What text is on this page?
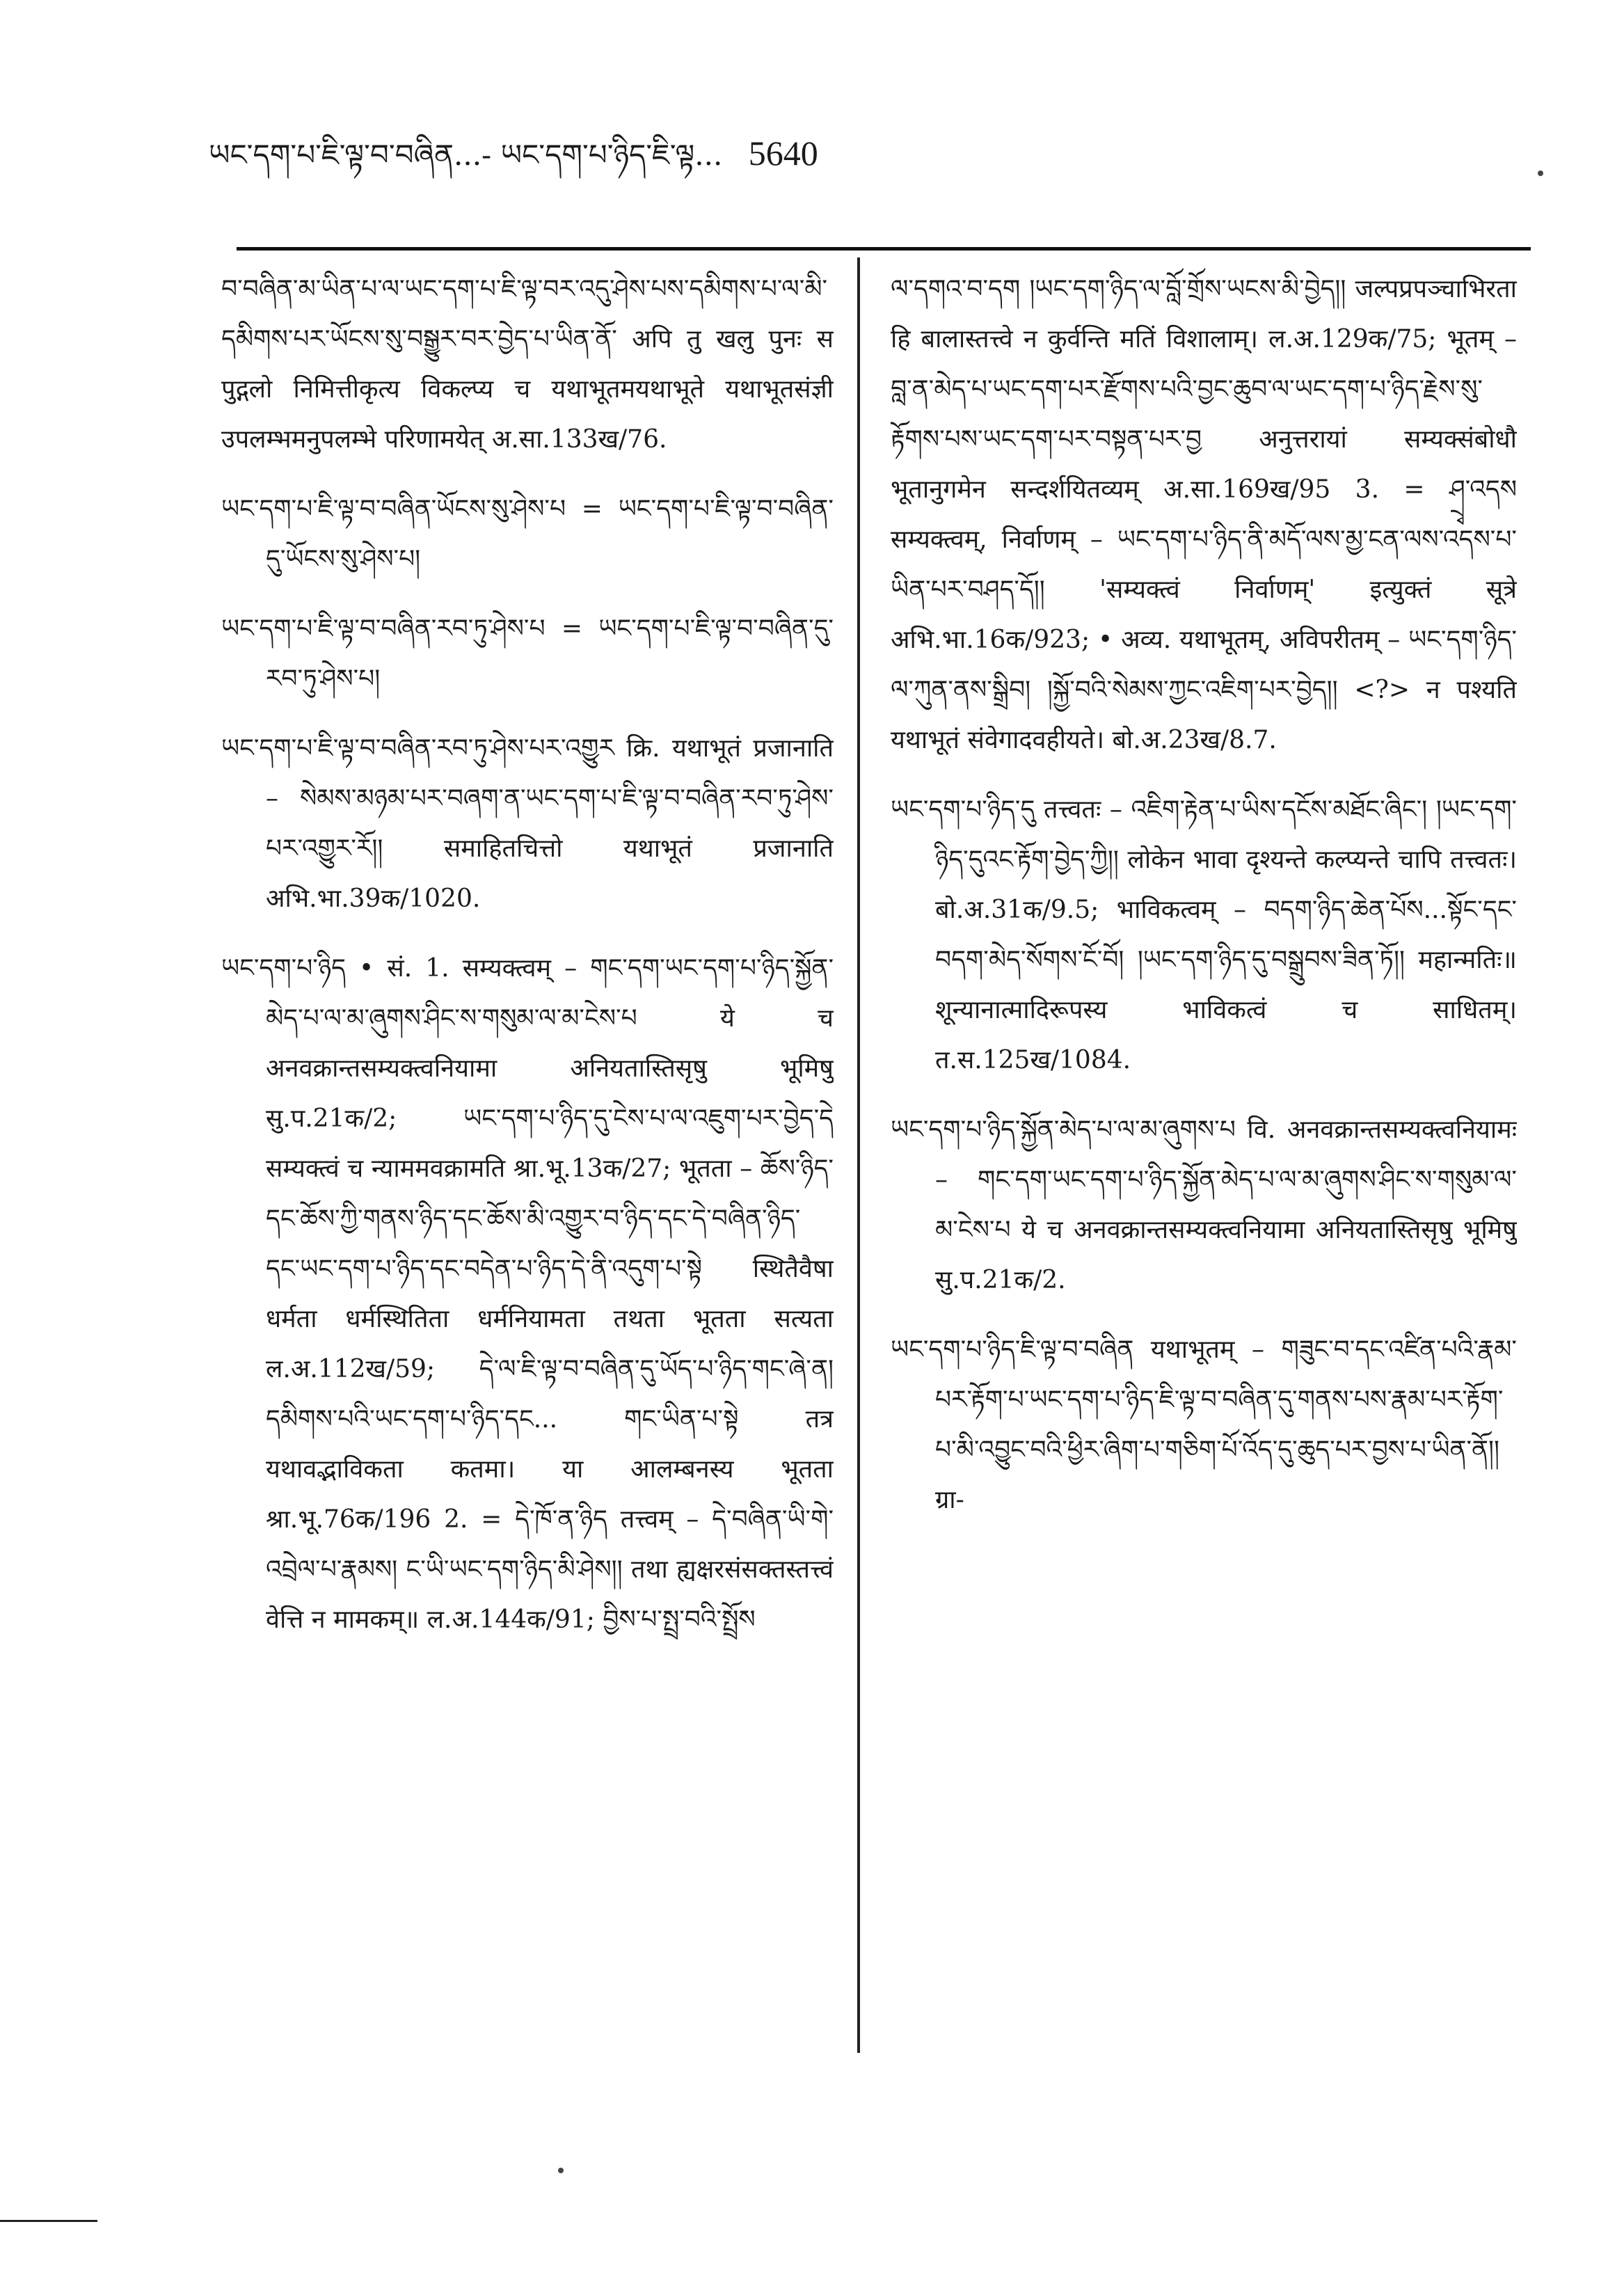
ཡང་དག་པ་ཇི་ལྟ་བ་བཞིན...- ཡང་དག་པ་ཉིད་ཇི་ལྟ... 5640

བ་བཞིན་མ་ཡིན་པ་ལ་ཡང་དག་པ་ཇི་ལྟ་བར་འདུ་ཤེས་པས་དམིགས་པ་ལ་མི་དམིགས་པར་ཡོངས་སུ་བསྒྱུར་བར་བྱེད་པ་ཡིན་ནོ་ अपि तु खलु पुनः स पुद्गलो निमित्तीकृत्य विकल्प्य च यथाभूतमयथाभूते यथाभूतसंज्ञी उपलम्भमनुपलम्भे परिणामयेत् अ.सा.133ख/76.

ཡང་དག་པ་ཇི་ལྟ་བ་བཞིན་ཡོངས་སུ་ཤེས་པ = ཡང་དག་པ་ཇི་ལྟ་བ་བཞིན་དུ་ཡོངས་སུ་ཤེས་པ།

ཡང་དག་པ་ཇི་ལྟ་བ་བཞིན་རབ་ཏུ་ཤེས་པ = ཡང་དག་པ་ཇི་ལྟ་བ་བཞིན་དུ་རབ་ཏུ་ཤེས་པ།

ཡང་དག་པ་ཇི་ལྟ་བ་བཞིན་རབ་ཏུ་ཤེས་པར་འགྱུར क्रि. यथाभूतं प्रजानाति – སེམས་མཉམ་པར་བཞག་ན་ཡང་དག་པ་ཇི་ལྟ་བ་བཞིན་རབ་ཏུ་ཤེས་པར་འགྱུར་རོ།། समाहितचित्तो यथाभूतं प्रजानाति अभि.भा.39क/1020.

ཡང་དག་པ་ཉིད • सं. 1. सम्यक्त्वम् – གང་དག་ཡང་དག་པ་ཉིད་སྐྱོན་མེད་པ་ལ་མ་ཞུགས་ཤིང་ས་གསུམ་ལ་མ་ངེས་པ ये च अनवक्रान्तसम्यक्त्वनियामा अनियतास्तिसृषु भूमिषु सु.प.21क/2; ཡང་དག་པ་ཉིད་དུ་ངེས་པ་ལ་འཇུག་པར་བྱེད་དེ सम्यक्त्वं च न्याममवक्रामति श्रा.भू.13क/27; भूतता – ཆོས་ཉིད་དང་ཆོས་ཀྱི་གནས་ཉིད་དང་ཆོས་མི་འགྱུར་བ་ཉིད་དང་དེ་བཞིན་ཉིད་དང་ཡང་དག་པ་ཉིད་དང་བདེན་པ་ཉིད་དེ་ནི་འདུག་པ་སྟེ स्थितैवैषा धर्मता धर्मस्थितिता धर्मनियामता तथता भूतता सत्यता ल.अ.112ख/59; དེ་ལ་ཇི་ལྟ་བ་བཞིན་དུ་ཡོད་པ་ཉིད་གང་ཞེ་ན། དམིགས་པའི་ཡང་དག་པ་ཉིད་དང... གང་ཡིན་པ་སྟེ तत्र यथावद्भाविकता कतमा। या आलम्बनस्य भूतता श्रा.भू.76क/196 2. = དེ་ཁོ་ན་ཉིད तत्त्वम् – དེ་བཞིན་ཡི་གེ་འབྲེལ་པ་རྣམས། ང་ཡི་ཡང་དག་ཉིད་མི་ཤེས།། तथा ह्यक्षरसंसक्तस्तत्त्वं वेत्ति न मामकम्॥ ल.अ.144क/91; བྱིས་པ་སྤྲ་བའི་སྤྲོས

ལ་དགའ་བ་དག །ཡང་དག་ཉིད་ལ་བློ་གྲོས་ཡངས་མི་བྱེད།། जल्पप्रपञ्चाभिरता हि बालास्तत्त्वे न कुर्वन्ति मतिं विशालाम्। ल.अ.129क/75; भूतम् – བླ་ན་མེད་པ་ཡང་དག་པར་རྫོགས་པའི་བྱང་ཆུབ་ལ་ཡང་དག་པ་ཉིད་རྗེས་སུ་རྟོགས་པས་ཡང་དག་པར་བསྟན་པར་བྱ अनुत्तरायां सम्यक्संबोधौ भूतानुगमेन सन्दर्शयितव्यम् अ.सा.169ख/95 3. = ཤྲྭ་འདས सम्यक्त्वम्, निर्वाणम् – ཡང་དག་པ་ཉིད་ནི་མདོ་ལས་མྱ་ངན་ལས་འདས་པ་ཡིན་པར་བཤད་དོ།། 'सम्यक्त्वं निर्वाणम्' इत्युक्तं सूत्रे अभि.भा.16क/923; • अव्य. यथाभूतम्, अविपरीतम् – ཡང་དག་ཉིད་ལ་ཀུན་ནས་སྒྲིབ། །སྐྱོ་བའི་སེམས་ཀྱང་འཇིག་པར་བྱེད།། <?> न पश्यति यथाभूतं संवेगादवहीयते। बो.अ.23ख/8.7.

ཡང་དག་པ་ཉིད་དུ तत्त्वतः – འཇིག་རྟེན་པ་ཡིས་དངོས་མཐོང་ཞིང་། །ཡང་དག་ཉིད་དུའང་རྟོག་བྱེད་ཀྱི།། लोकेन भावा दृश्यन्ते कल्प्यन्ते चापि तत्त्वतः। बो.अ.31क/9.5; भाविकत्वम् – བདག་ཉིད་ཆེན་པོས...སྟོང་དང་བདག་མེད་སོགས་ངོ་བོ། །ཡང་དག་ཉིད་དུ་བསྒྲུབས་ཟིན་ཏོ།། महान्मतिः॥ शून्यानात्मादिरूपस्य भाविकत्वं च साधितम्। त.स.125ख/1084.

ཡང་དག་པ་ཉིད་སྐྱོན་མེད་པ་ལ་མ་ཞུགས་པ वि. अनवक्रान्तसम्यक्त्वनियामः – གང་དག་ཡང་དག་པ་ཉིད་སྐྱོན་མེད་པ་ལ་མ་ཞུགས་ཤིང་ས་གསུམ་ལ་མ་ངེས་པ ये च अनवक्रान्तसम्यक्त्वनियामा अनियतास्तिसृषु भूमिषु सु.प.21क/2.

ཡང་དག་པ་ཉིད་ཇི་ལྟ་བ་བཞིན यथाभूतम् – གཟུང་བ་དང་འཛིན་པའི་རྣམ་པར་རྟོག་པ་ཡང་དག་པ་ཉིད་ཇི་ལྟ་བ་བཞིན་དུ་གནས་པས་རྣམ་པར་རྟོག་པ་མི་འབྱུང་བའི་ཕྱིར་ཞིག་པ་གཅིག་པོ་འོད་དུ་ཆུད་པར་བྱས་པ་ཡིན་ནོ།། ग्रा-
